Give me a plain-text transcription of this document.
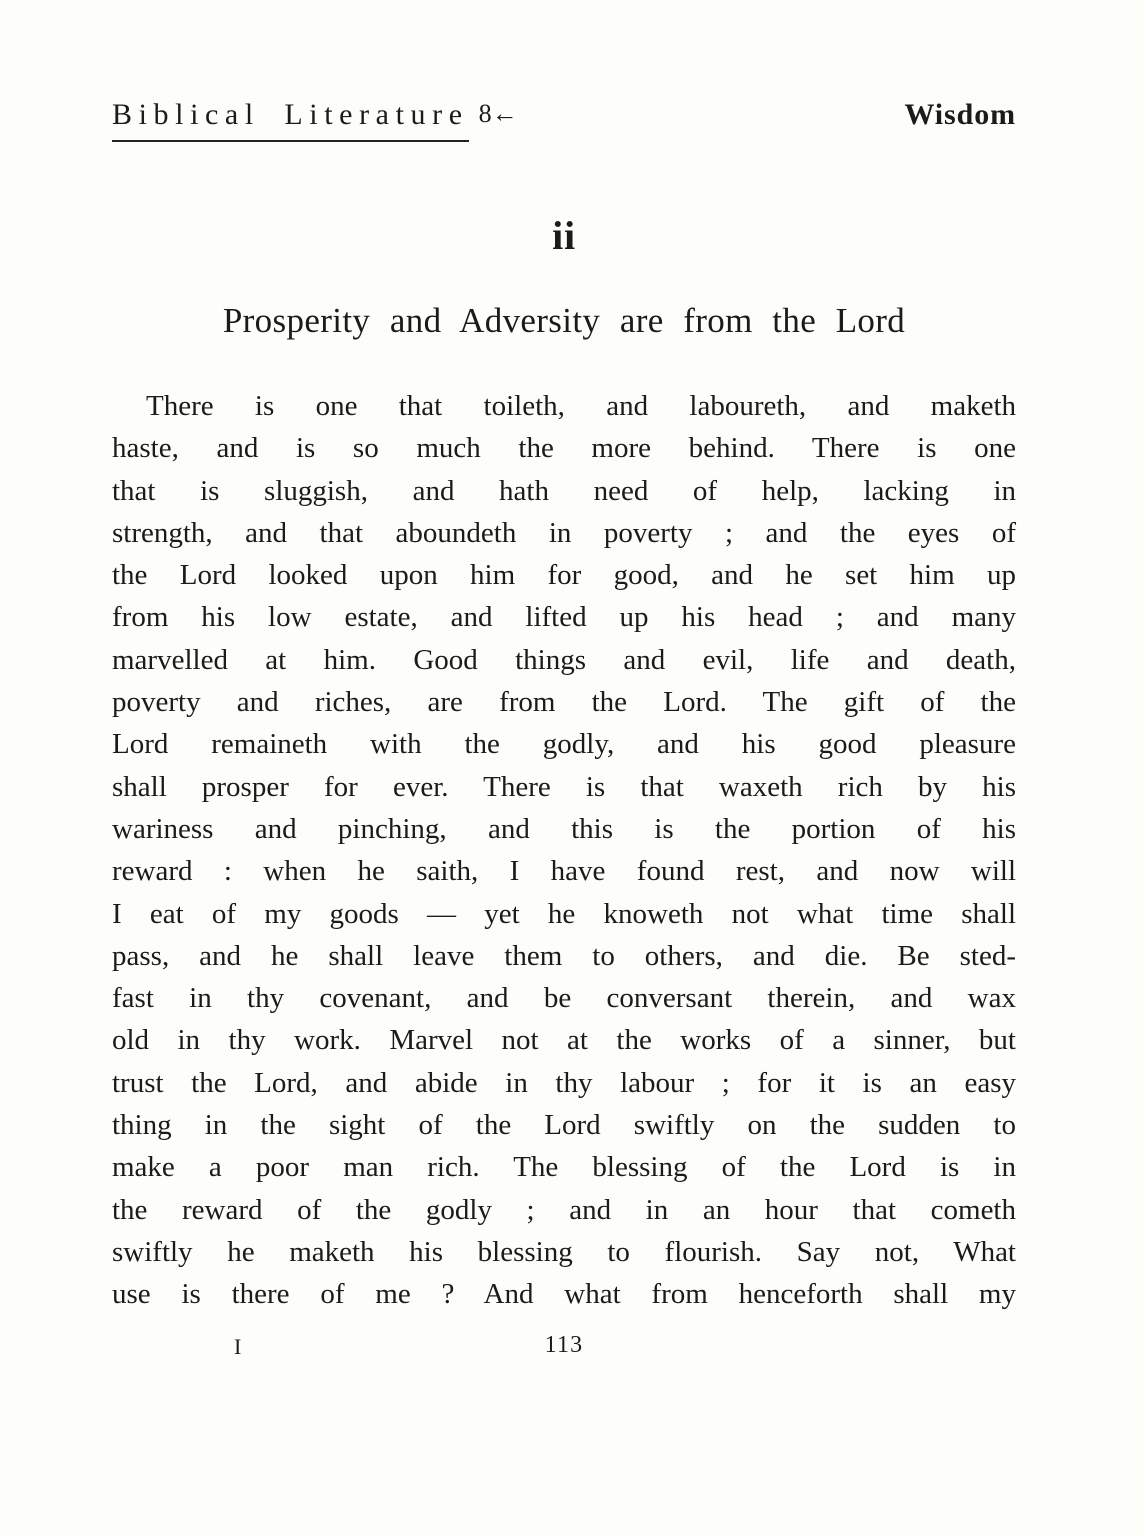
Biblical Literature 8←	Wisdom
ii
Prosperity and Adversity are from the Lord
There is one that toileth, and laboureth, and maketh
haste, and is so much the more behind. There is one
that is sluggish, and hath need of help, lacking in
strength, and that aboundeth in poverty ; and the eyes of
the Lord looked upon him for good, and he set him up
from his low estate, and lifted up his head ; and many
marvelled at him. Good things and evil, life and death,
poverty and riches, are from the Lord. The gift of the
Lord remaineth with the godly, and his good pleasure
shall prosper for ever. There is that waxeth rich by his
wariness and pinching, and this is the portion of his
reward : when he saith, I have found rest, and now will
I eat of my goods — yet he knoweth not what time shall
pass, and he shall leave them to others, and die. Be sted-
fast in thy covenant, and be conversant therein, and wax
old in thy work. Marvel not at the works of a sinner, but
trust the Lord, and abide in thy labour ; for it is an easy
thing in the sight of the Lord swiftly on the sudden to
make a poor man rich. The blessing of the Lord is in
the reward of the godly ; and in an hour that cometh
swiftly he maketh his blessing to flourish. Say not, What
use is there of me ? And what from henceforth shall my
I	113
